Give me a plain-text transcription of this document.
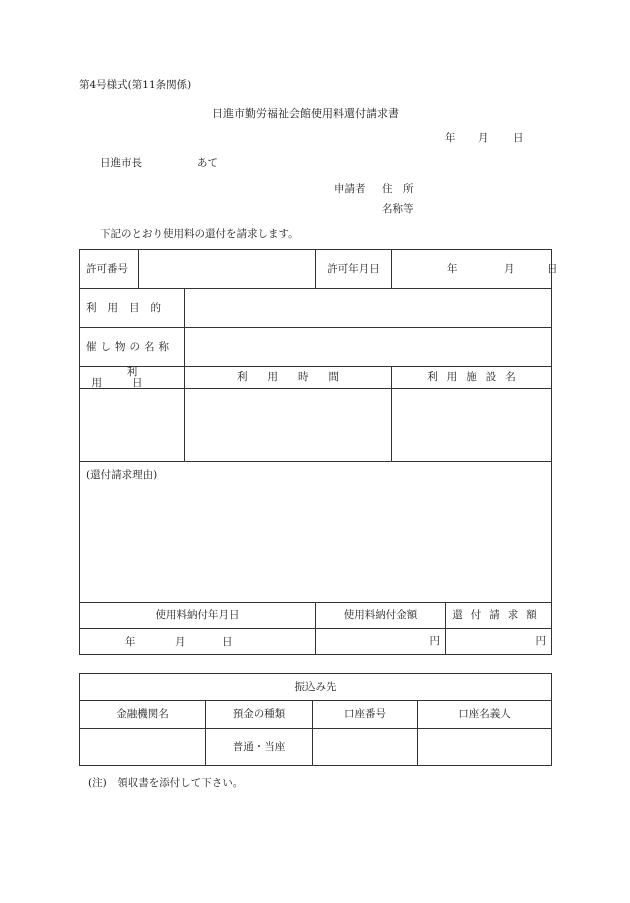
第4号様式(第11条関係)
日進市勤労福祉会館使用料還付請求書
年 月 日
日進市長	あて
申請者 住　所
名称等
下記のとおり使用料の還付を請求します。
許可番号			許可年月日	年 月 日	

利用目的					
催し物の名称					
利用日		利用時間		利用施設名	

(還付請求理由)					
使用料納付年月日			使用料納付金額		還付請求額

年 月 日			円		円
振込み先			
金融機関名	預金の種類	口座番号	口座名義人
	普通・当座		
(注)　領収書を添付して下さい。
